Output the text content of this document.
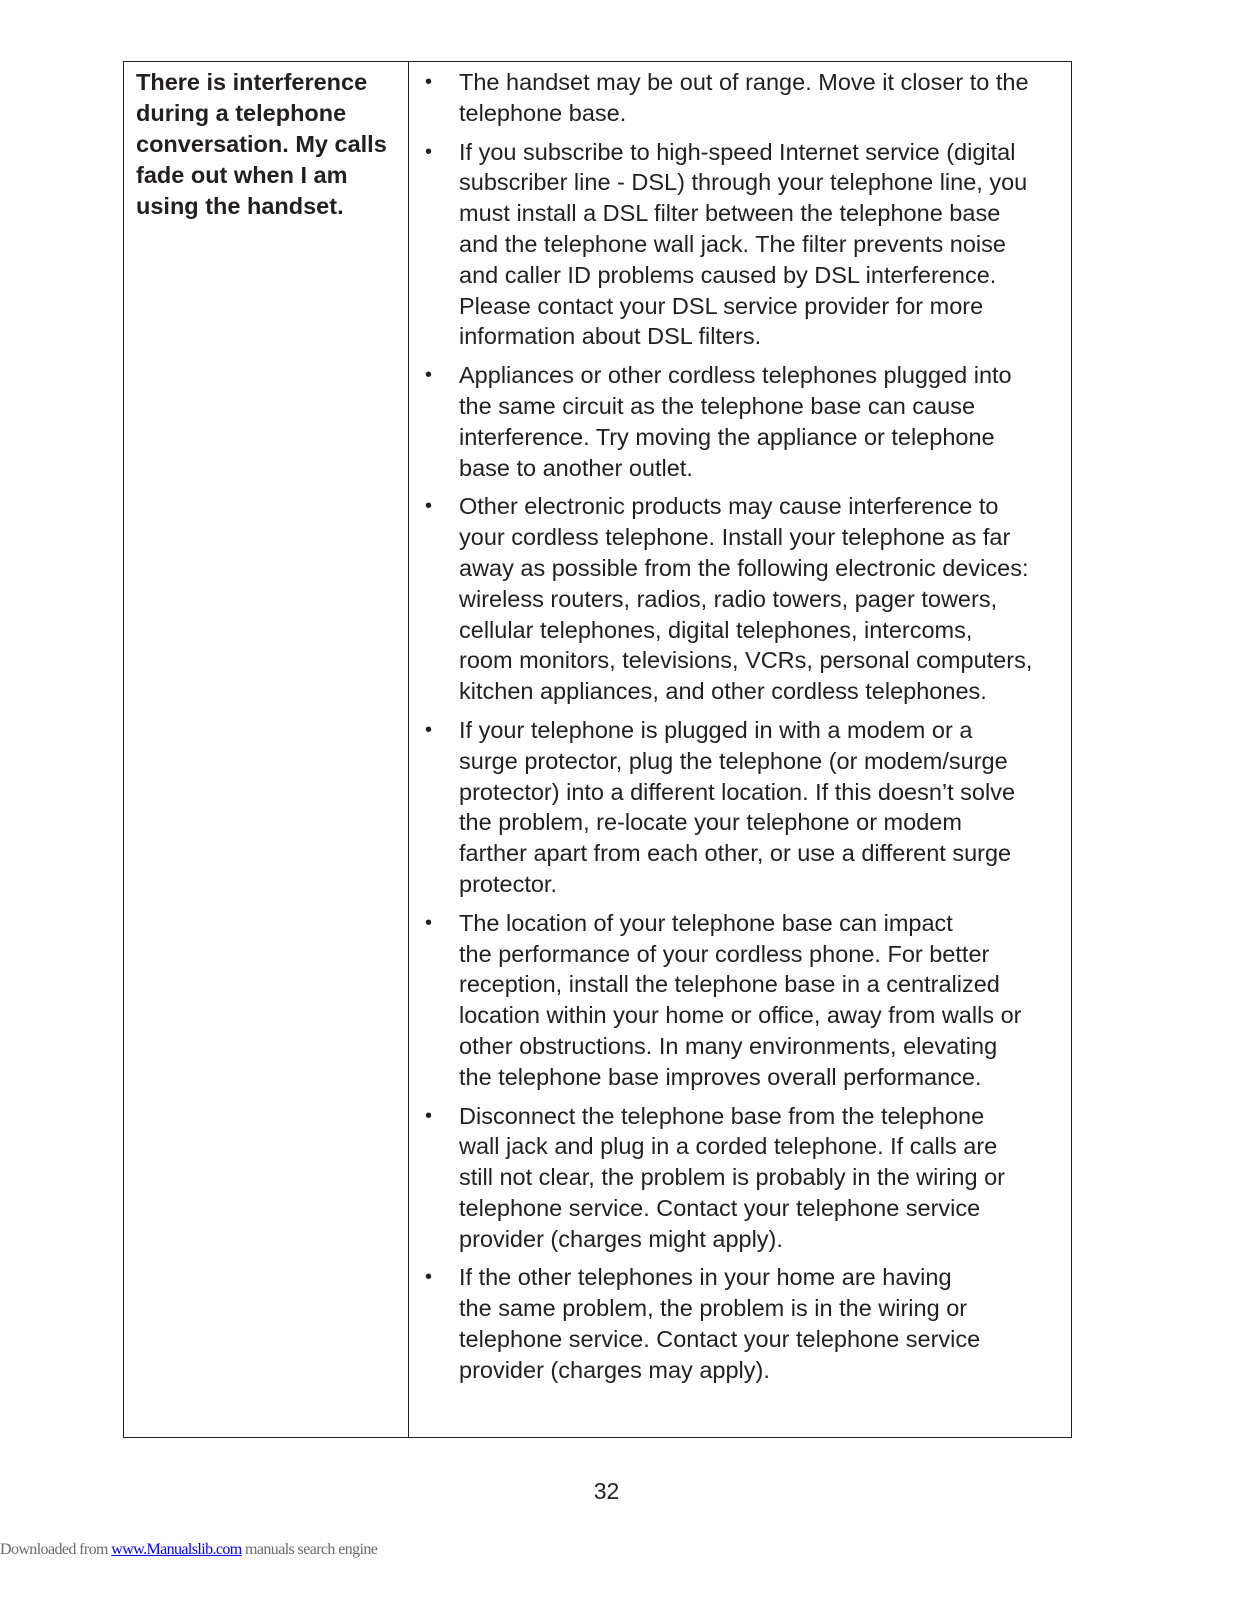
There is interference during a telephone conversation. My calls fade out when I am using the handset.

• The handset may be out of range. Move it closer to the
telephone base.
• If you subscribe to high-speed Internet service (digital
subscriber line - DSL) through your telephone line, you
must install a DSL filter between the telephone base
and the telephone wall jack. The filter prevents noise
and caller ID problems caused by DSL interference.
Please contact your DSL service provider for more
information about DSL filters.
• Appliances or other cordless telephones plugged into
the same circuit as the telephone base can cause
interference. Try moving the appliance or telephone
base to another outlet.
• Other electronic products may cause interference to
your cordless telephone. Install your telephone as far
away as possible from the following electronic devices:
wireless routers, radios, radio towers, pager towers,
cellular telephones, digital telephones, intercoms,
room monitors, televisions, VCRs, personal computers,
kitchen appliances, and other cordless telephones.
• If your telephone is plugged in with a modem or a
surge protector, plug the telephone (or modem/surge
protector) into a different location. If this doesn’t solve
the problem, re-locate your telephone or modem
farther apart from each other, or use a different surge
protector.
• The location of your telephone base can impact
the performance of your cordless phone. For better
reception, install the telephone base in a centralized
location within your home or office, away from walls or
other obstructions. In many environments, elevating
the telephone base improves overall performance.
• Disconnect the telephone base from the telephone
wall jack and plug in a corded telephone. If calls are
still not clear, the problem is probably in the wiring or
telephone service. Contact your telephone service
provider (charges might apply).
• If the other telephones in your home are having
the same problem, the problem is in the wiring or
telephone service. Contact your telephone service
provider (charges may apply).
32
Downloaded from www.Manualslib.com manuals search engine
